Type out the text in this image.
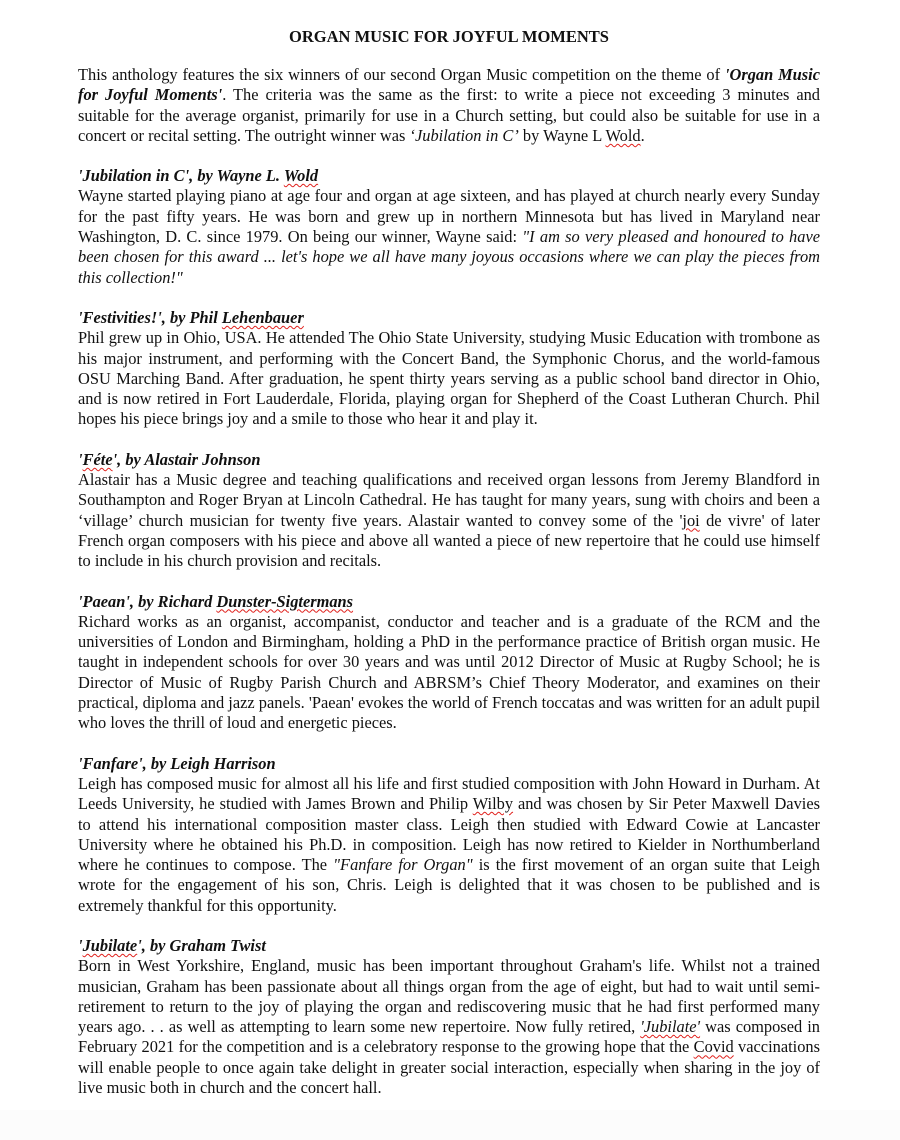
ORGAN MUSIC FOR JOYFUL MOMENTS

This anthology features the six winners of our second Organ Music competition on the theme of 'Organ Music for Joyful Moments'. The criteria was the same as the first: to write a piece not exceeding 3 minutes and suitable for the average organist, primarily for use in a Church setting, but could also be suitable for use in a concert or recital setting. The outright winner was ‘Jubilation in C’ by Wayne L Wold.

'Jubilation in C', by Wayne L. Wold

Wayne started playing piano at age four and organ at age sixteen, and has played at church nearly every Sunday for the past fifty years. He was born and grew up in northern Minnesota but has lived in Maryland near Washington, D. C. since 1979. On being our winner, Wayne said: "I am so very pleased and honoured to have been chosen for this award ... let's hope we all have many joyous occasions where we can play the pieces from this collection!"

'Festivities!', by Phil Lehenbauer

Phil grew up in Ohio, USA. He attended The Ohio State University, studying Music Education with trombone as his major instrument, and performing with the Concert Band, the Symphonic Chorus, and the world-famous OSU Marching Band. After graduation, he spent thirty years serving as a public school band director in Ohio, and is now retired in Fort Lauderdale, Florida, playing organ for Shepherd of the Coast Lutheran Church. Phil hopes his piece brings joy and a smile to those who hear it and play it.

'Féte', by Alastair Johnson

Alastair has a Music degree and teaching qualifications and received organ lessons from Jeremy Blandford in Southampton and Roger Bryan at Lincoln Cathedral. He has taught for many years, sung with choirs and been a ‘village’ church musician for twenty five years. Alastair wanted to convey some of the 'joi de vivre' of later French organ composers with his piece and above all wanted a piece of new repertoire that he could use himself to include in his church provision and recitals.

'Paean', by Richard Dunster-Sigtermans

Richard works as an organist, accompanist, conductor and teacher and is a graduate of the RCM and the universities of London and Birmingham, holding a PhD in the performance practice of British organ music. He taught in independent schools for over 30 years and was until 2012 Director of Music at Rugby School; he is Director of Music of Rugby Parish Church and ABRSM’s Chief Theory Moderator, and examines on their practical, diploma and jazz panels. 'Paean' evokes the world of French toccatas and was written for an adult pupil who loves the thrill of loud and energetic pieces.

'Fanfare', by Leigh Harrison

Leigh has composed music for almost all his life and first studied composition with John Howard in Durham. At Leeds University, he studied with James Brown and Philip Wilby and was chosen by Sir Peter Maxwell Davies to attend his international composition master class. Leigh then studied with Edward Cowie at Lancaster University where he obtained his Ph.D. in composition. Leigh has now retired to Kielder in Northumberland where he continues to compose. The "Fanfare for Organ" is the first movement of an organ suite that Leigh wrote for the engagement of his son, Chris. Leigh is delighted that it was chosen to be published and is extremely thankful for this opportunity.

'Jubilate', by Graham Twist

Born in West Yorkshire, England, music has been important throughout Graham's life. Whilst not a trained musician, Graham has been passionate about all things organ from the age of eight, but had to wait until semi-retirement to return to the joy of playing the organ and rediscovering music that he had first performed many years ago. . . as well as attempting to learn some new repertoire. Now fully retired, 'Jubilate' was composed in February 2021 for the competition and is a celebratory response to the growing hope that the Covid vaccinations will enable people to once again take delight in greater social interaction, especially when sharing in the joy of live music both in church and the concert hall.
